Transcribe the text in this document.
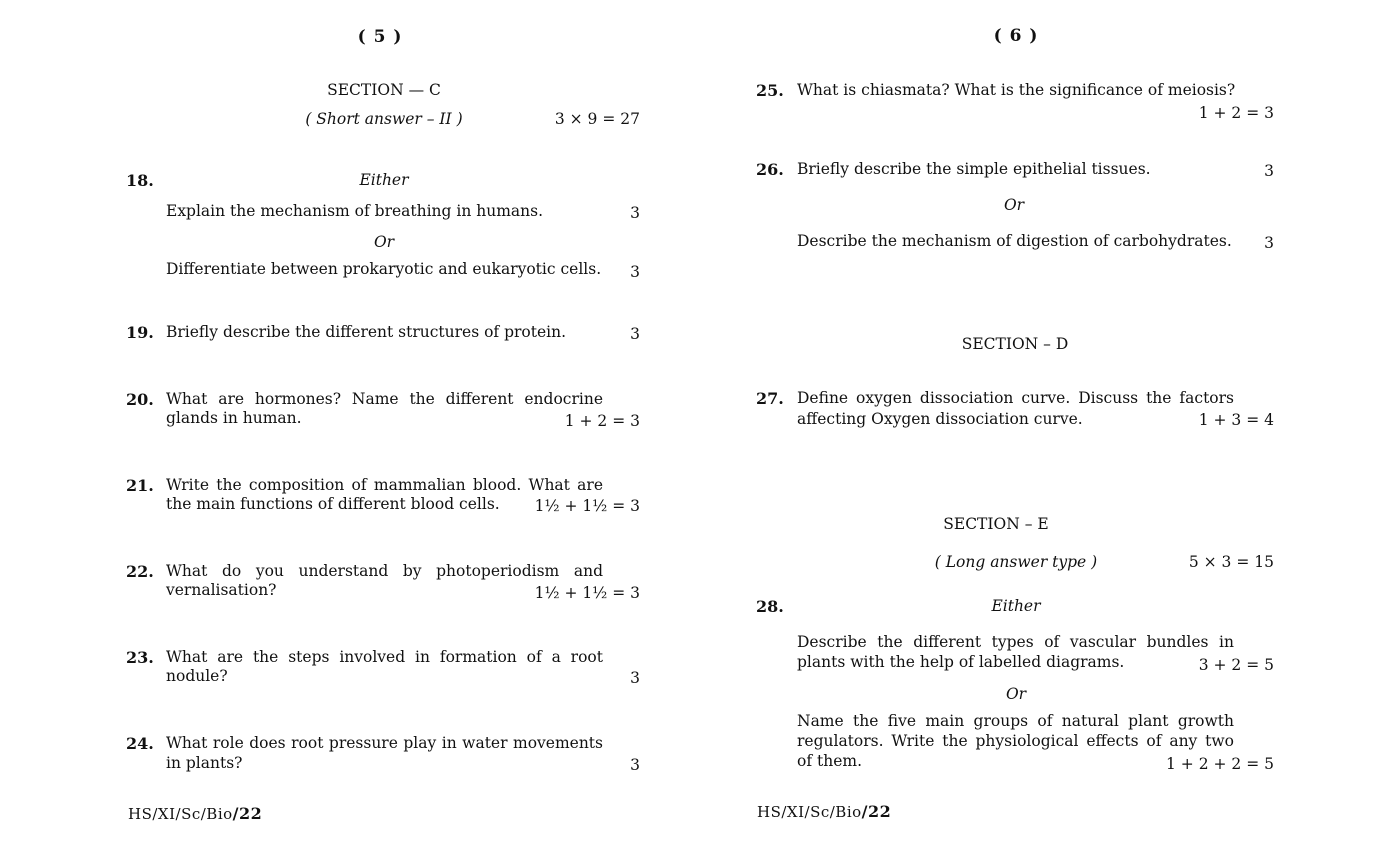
( 5 )
SECTION — C
( Short answer – II )	3 × 9 = 27
18.	Either
Explain the mechanism of breathing in humans.	3
Or
Differentiate between prokaryotic and eukaryotic cells.	3
19. Briefly describe the different structures of protein.	3
20. What are hormones? Name the different endocrine
glands in human.	1 + 2 = 3
21. Write the composition of mammalian blood. What are
the main functions of different blood cells.	1½ + 1½ = 3
22. What do you understand by photoperiodism and
vernalisation?	1½ + 1½ = 3
23. What are the steps involved in formation of a root
nodule?	3
24. What role does root pressure play in water movements
in plants?	3
HS/XI/Sc/Bio/22
( 6 )
25. What is chiasmata? What is the significance of meiosis?
1 + 2 = 3
26. Briefly describe the simple epithelial tissues.	3
Or
Describe the mechanism of digestion of carbohydrates.	3
SECTION – D
27. Define oxygen dissociation curve. Discuss the factors
affecting Oxygen dissociation curve.	1 + 3 = 4
SECTION – E
( Long answer type )	5 × 3 = 15
28.	Either
Describe the different types of vascular bundles in
plants with the help of labelled diagrams.	3 + 2 = 5
Or
Name the five main groups of natural plant growth
regulators. Write the physiological effects of any two
of them.	1 + 2 + 2 = 5
HS/XI/Sc/Bio/22
